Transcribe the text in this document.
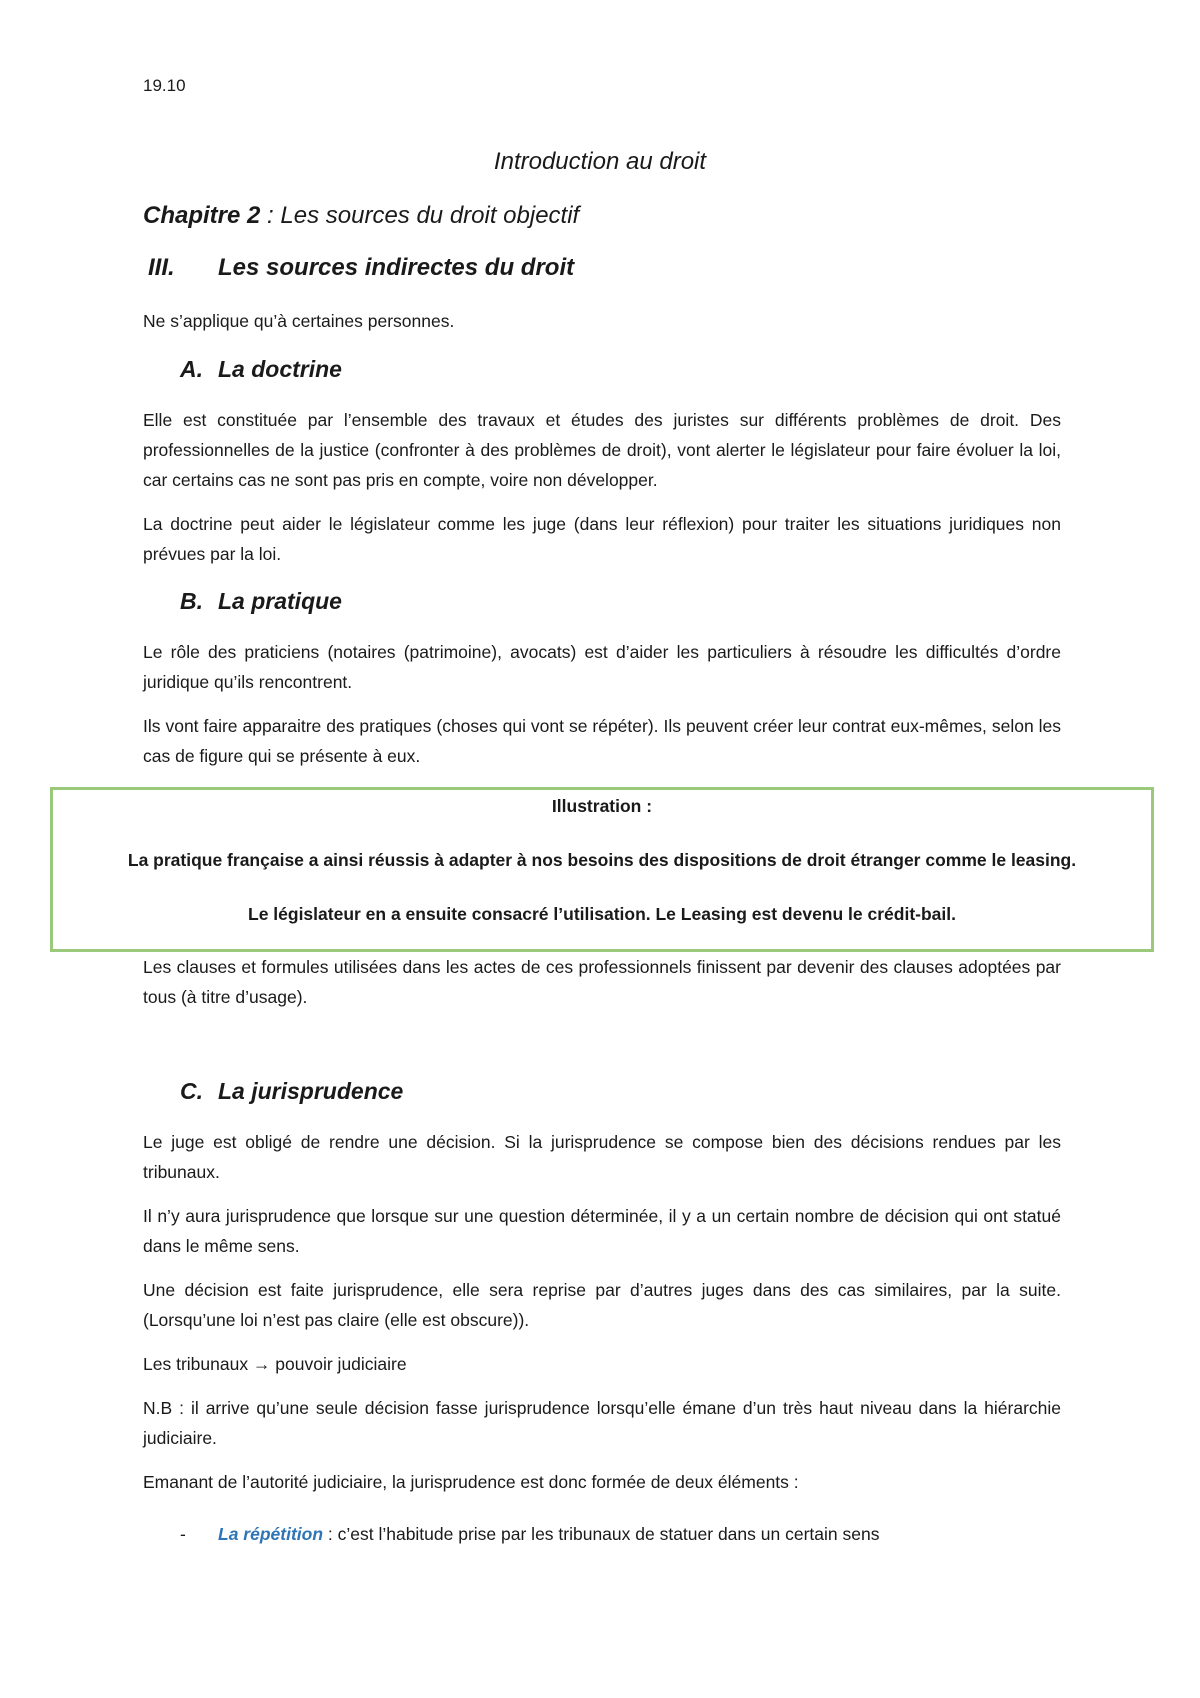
19.10
Introduction au droit
Chapitre 2 : Les sources du droit objectif
III. Les sources indirectes du droit

Ne s’applique qu’à certaines personnes.

A. La doctrine

Elle est constituée par l’ensemble des travaux et études des juristes sur différents problèmes de droit. Des professionnelles de la justice (confronter à des problèmes de droit), vont alerter le législateur pour faire évoluer la loi, car certains cas ne sont pas pris en compte, voire non développer.

La doctrine peut aider le législateur comme les juge (dans leur réflexion) pour traiter les situations juridiques non prévues par la loi.

B. La pratique

Le rôle des praticiens (notaires (patrimoine), avocats) est d’aider les particuliers à résoudre les difficultés d’ordre juridique qu’ils rencontrent.

Ils vont faire apparaitre des pratiques (choses qui vont se répéter). Ils peuvent créer leur contrat eux-mêmes, selon les cas de figure qui se présente à eux.

Illustration :
La pratique française a ainsi réussis à adapter à nos besoins des dispositions de droit étranger comme le leasing.
Le législateur en a ensuite consacré l’utilisation. Le Leasing est devenu le crédit-bail.

Les clauses et formules utilisées dans les actes de ces professionnels finissent par devenir des clauses adoptées par tous (à titre d’usage).

C. La jurisprudence

Le juge est obligé de rendre une décision. Si la jurisprudence se compose bien des décisions rendues par les tribunaux.

Il n’y aura jurisprudence que lorsque sur une question déterminée, il y a un certain nombre de décision qui ont statué dans le même sens.

Une décision est faite jurisprudence, elle sera reprise par d’autres juges dans des cas similaires, par la suite. (Lorsqu’une loi n’est pas claire (elle est obscure)).

Les tribunaux → pouvoir judiciaire

N.B : il arrive qu’une seule décision fasse jurisprudence lorsqu’elle émane d’un très haut niveau dans la hiérarchie judiciaire.

Emanant de l’autorité judiciaire, la jurisprudence est donc formée de deux éléments :

- La répétition : c’est l’habitude prise par les tribunaux de statuer dans un certain sens
